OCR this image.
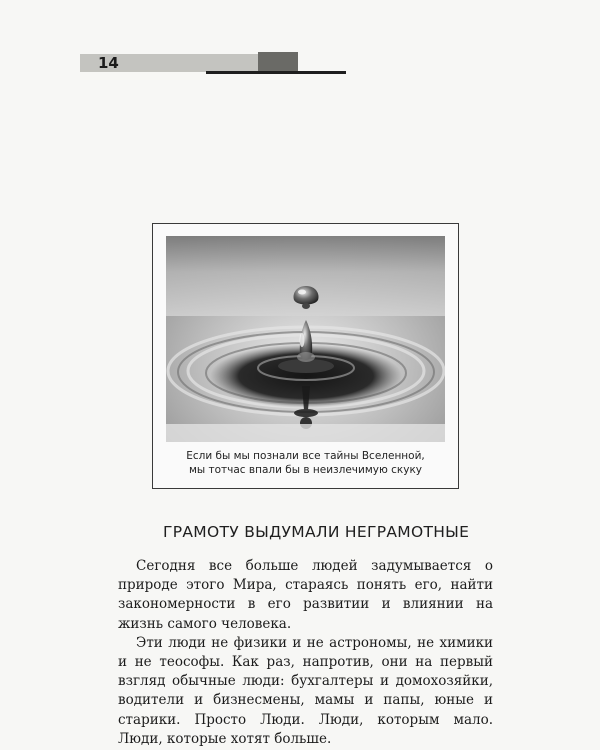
14
Если бы мы познали все тайны Вселенной,
мы тотчас впали бы в неизлечимую скуку
ГРАМОТУ ВЫДУМАЛИ НЕГРАМОТНЫЕ

Сегодня все больше людей задумывается о природе этого Мира, стараясь понять его, найти закономерности в его развитии и влиянии на жизнь самого человека.

Эти люди не физики и не астрономы, не химики и не теософы. Как раз, напротив, они на первый взгляд обычные люди: бухгалтеры и домохозяйки, водители и бизнесмены, мамы и папы, юные и старики. Просто Люди. Люди, которым мало. Люди, которые хотят больше.
